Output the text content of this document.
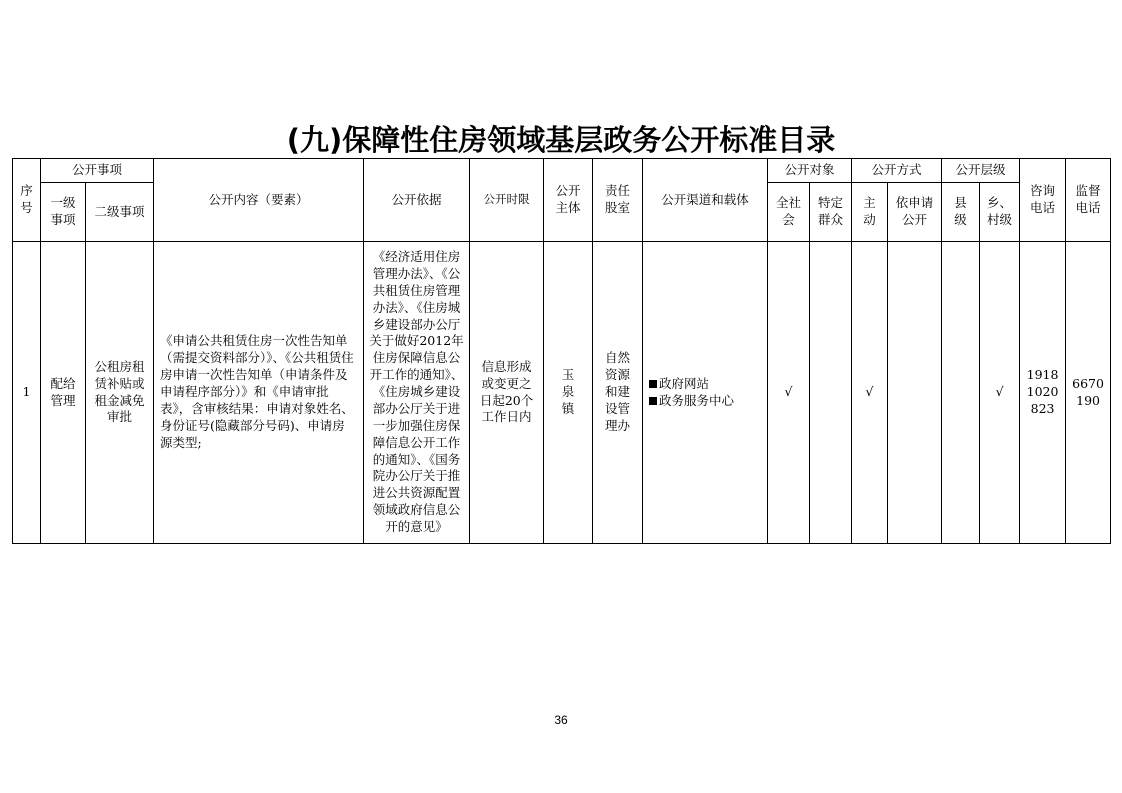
(九)保障性住房领域基层政务公开标准目录
序号	公开事项		公开内容（要素）	公开依据	公开时限	公开主体	责任股室	公开渠道和载体	公开对象		公开方式		公开层级		咨询电话	监督电话
	一级事项	二级事项							全社会	特定群众	主动	依申请公开	县级	乡、村级		
1	配给管理	公租房租赁补贴或租金减免审批	《申请公共租赁住房一次性告知单（需提交资料部分）》、《公共租赁住房申请一次性告知单（申请条件及申请程序部分）》和《申请审批表》，含审核结果：申请对象姓名、身份证号(隐藏部分号码)、申请房源类型;	《经济适用住房管理办法》、《公共租赁住房管理办法》、《住房城乡建设部办公厅关于做好2012年住房保障信息公开工作的通知》、《住房城乡建设部办公厅关于进一步加强住房保障信息公开工作的通知》、《国务院办公厅关于推进公共资源配置领域政府信息公开的意见》	信息形成或变更之日起20个工作日内	玉泉镇	自然资源和建设管理办	政府网站
政务服务中心	√		√			√	19181020823	6670190
36
